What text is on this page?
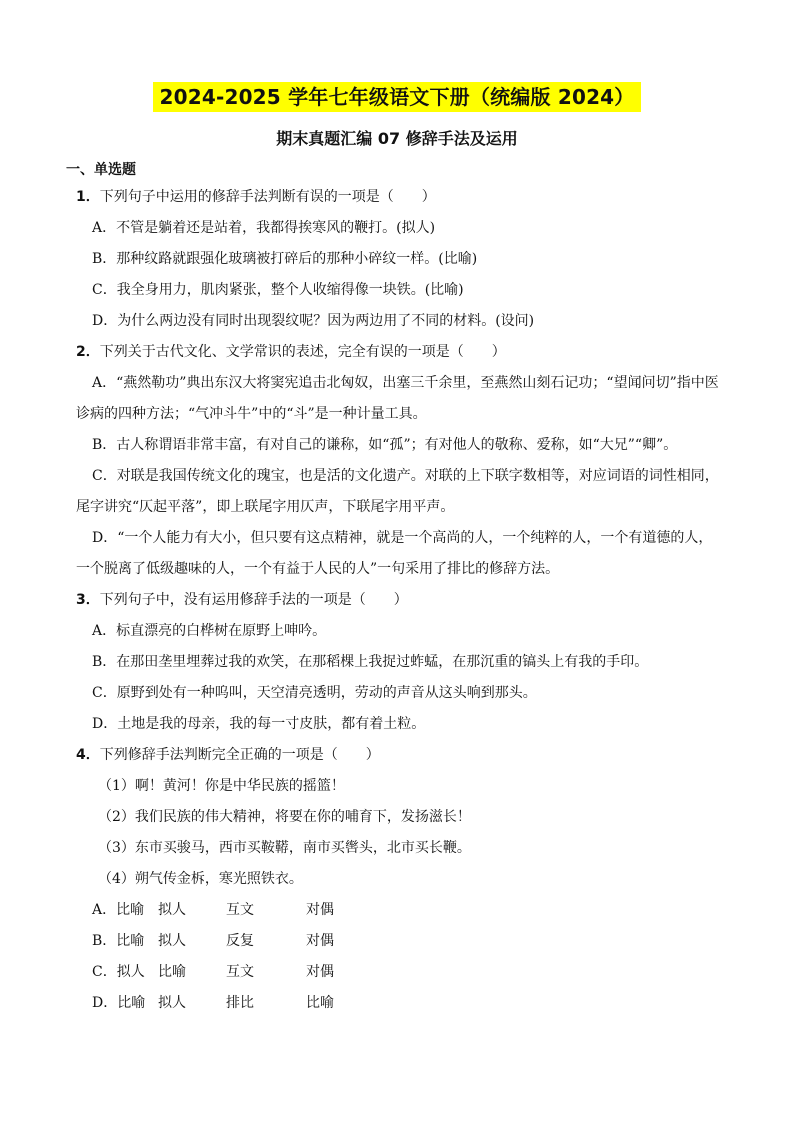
2024-2025 学年七年级语文下册（统编版 2024）
期末真题汇编 07 修辞手法及运用
一、单选题
1．下列句子中运用的修辞手法判断有误的一项是（　　）
A．不管是躺着还是站着，我都得挨寒风的鞭打。(拟人)
B．那种纹路就跟强化玻璃被打碎后的那种小碎纹一样。(比喻)
C．我全身用力，肌肉紧张，整个人收缩得像一块铁。(比喻)
D．为什么两边没有同时出现裂纹呢？因为两边用了不同的材料。(设问)
2．下列关于古代文化、文学常识的表述，完全有误的一项是（　　）
A．“燕然勒功”典出东汉大将窦宪追击北匈奴，出塞三千余里，至燕然山刻石记功；“望闻问切”指中医诊病的四种方法；“气冲斗牛”中的“斗”是一种计量工具。
B．古人称谓语非常丰富，有对自己的谦称，如“孤”；有对他人的敬称、爱称，如“大兄”“卿”。
C．对联是我国传统文化的瑰宝，也是活的文化遗产。对联的上下联字数相等，对应词语的词性相同，尾字讲究“仄起平落”，即上联尾字用仄声，下联尾字用平声。
D．“一个人能力有大小，但只要有这点精神，就是一个高尚的人，一个纯粹的人，一个有道德的人，一个脱离了低级趣味的人，一个有益于人民的人”一句采用了排比的修辞方法。
3．下列句子中，没有运用修辞手法的一项是（　　）
A．标直漂亮的白桦树在原野上呻吟。
B．在那田垄里埋葬过我的欢笑，在那稻棵上我捉过蚱蜢，在那沉重的镐头上有我的手印。
C．原野到处有一种呜叫，天空清亮透明，劳动的声音从这头响到那头。
D．土地是我的母亲，我的每一寸皮肤，都有着土粒。
4．下列修辞手法判断完全正确的一项是（　　）
（1）啊！黄河！你是中华民族的摇篮！
（2）我们民族的伟大精神，将要在你的哺育下，发扬滋长！
（3）东市买骏马，西市买鞍鞯，南市买辔头，北市买长鞭。
（4）朔气传金柝，寒光照铁衣。
A．比喻 拟人	互文	对偶
B．比喻 拟人	反复	对偶
C．拟人 比喻	互文	对偶
D．比喻 拟人	排比	比喻
